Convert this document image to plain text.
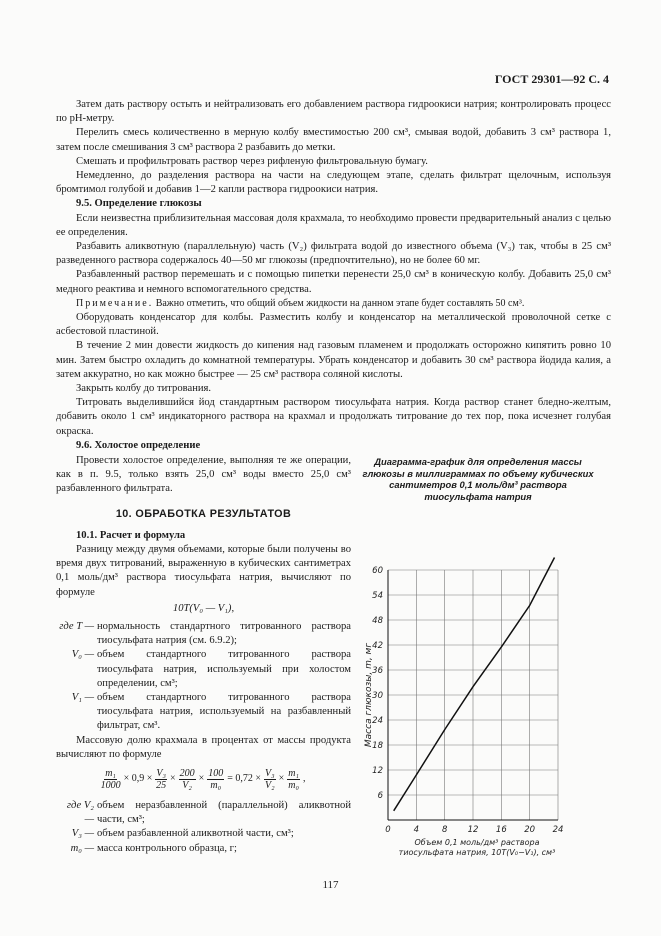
ГОСТ 29301—92 С. 4

Затем дать раствору остыть и нейтрализовать его добавлением раствора гидроокиси натрия; контролировать процесс по рН-метру.

Перелить смесь количественно в мерную колбу вместимостью 200 см³, смывая водой, добавить 3 см³ раствора 1, затем после смешивания 3 см³ раствора 2 разбавить до метки.

Смешать и профильтровать раствор через рифленую фильтровальную бумагу.

Немедленно, до разделения раствора на части на следующем этапе, сделать фильтрат щелочным, используя бромтимол голубой и добавив 1—2 капли раствора гидроокиси натрия.

9.5. Определение глюкозы

Если неизвестна приблизительная массовая доля крахмала, то необходимо провести предварительный анализ с целью ее определения.

Разбавить аликвотную (параллельную) часть (V₂) фильтрата водой до известного объема (V₃) так, чтобы в 25 см³ разведенного раствора содержалось 40—50 мг глюкозы (предпочтительно), но не более 60 мг.

Разбавленный раствор перемешать и с помощью пипетки перенести 25,0 см³ в коническую колбу. Добавить 25,0 см³ медного реактива и немного вспомогательного средства.

Примечание. Важно отметить, что общий объем жидкости на данном этапе будет составлять 50 см³.

Оборудовать конденсатор для колбы. Разместить колбу и конденсатор на металлической проволочной сетке с асбестовой пластиной.

В течение 2 мин довести жидкость до кипения над газовым пламенем и продолжать осторожно кипятить ровно 10 мин. Затем быстро охладить до комнатной температуры. Убрать конденсатор и добавить 30 см³ раствора йодида калия, а затем аккуратно, но как можно быстрее — 25 см³ раствора соляной кислоты.

Закрыть колбу до титрования.

Титровать выделившийся йод стандартным раствором тиосульфата натрия. Когда раствор станет бледно-желтым, добавить около 1 см³ индикаторного раствора на крахмал и продолжать титрование до тех пор, пока исчезнет голубая окраска.

9.6. Холостое определение

Провести холостое определение, выполняя те же операции, как в п. 9.5, только взять 25,0 см³ воды вместо 25,0 см³ разбавленного фильтрата.

10. ОБРАБОТКА РЕЗУЛЬТАТОВ
10.1. Расчет и формула

Разницу между двумя объемами, которые были получены во время двух титрований, выраженную в кубических сантиметрах 0,1 моль/дм³ раствора тиосульфата натрия, вычисляют по формуле

10T(V₀ — V₁),
где T — нормальность стандартного титрованного раствора тиосульфата натрия (см. 6.9.2);
V₀ — объем стандартного титрованного раствора тиосульфата натрия, используемый при холостом определении, см³;
V₁ — объем стандартного титрованного раствора тиосульфата натрия, используемый на разбавленный фильтрат, см³.

Массовую долю крахмала в процентах от массы продукта вычисляют по формуле

$\frac{\text{m₁}}{1000} \times 0,9 \times \frac{\text{V₃}}{25} \times \frac{200}{\text{V₂}} \times \frac{100}{\text{m₀}} = 0,72 \times \frac{\text{V₃}}{\text{V₂}} \times \frac{\text{m₁}}{\text{m₀}}$ ,
где V₂ —
объем неразбавленной (параллельной) аликвотной части, см³;
V₃ — объем разбавленной аликвотной части, см³;
m₀ — масса контрольного образца, г;
Диаграмма-график для определения массы глюкозы в миллиграммах по объему кубических сантиметров 0,1 моль/дм³ раствора тиосульфата натрия
0	4	8 12 16 20 24
6
12
18
24
30
36
42
48
54
60
Масса глюкозы, m, мг
Объем 0,1 моль/дм³ раствора
тиосульфата натрия, 10T(V₀−V₁), см³
117
